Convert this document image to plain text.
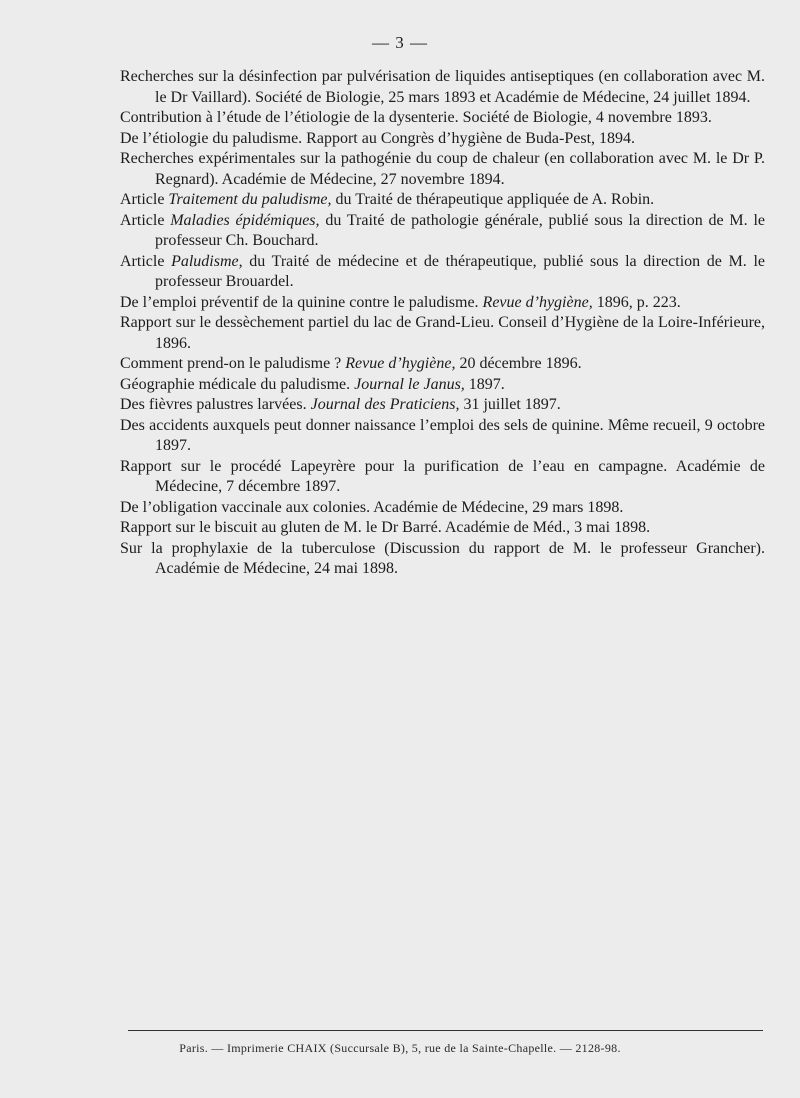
— 3 —
Recherches sur la désinfection par pulvérisation de liquides antiseptiques (en collaboration avec M. le Dr Vaillard). Société de Biologie, 25 mars 1893 et Académie de Médecine, 24 juillet 1894.
Contribution à l’étude de l’étiologie de la dysenterie. Société de Biologie, 4 novembre 1893.
De l’étiologie du paludisme. Rapport au Congrès d’hygiène de Buda-Pest, 1894.
Recherches expérimentales sur la pathogénie du coup de chaleur (en collaboration avec M. le Dr P. Regnard). Académie de Médecine, 27 novembre 1894.
Article Traitement du paludisme, du Traité de thérapeutique appliquée de A. Robin.
Article Maladies épidémiques, du Traité de pathologie générale, publié sous la direction de M. le professeur Ch. Bouchard.
Article Paludisme, du Traité de médecine et de thérapeutique, publié sous la direction de M. le professeur Brouardel.
De l’emploi préventif de la quinine contre le paludisme. Revue d’hygiène, 1896, p. 223.
Rapport sur le dessèchement partiel du lac de Grand-Lieu. Conseil d’Hygiène de la Loire-Inférieure, 1896.
Comment prend-on le paludisme ? Revue d’hygiène, 20 décembre 1896.
Géographie médicale du paludisme. Journal le Janus, 1897.
Des fièvres palustres larvées. Journal des Praticiens, 31 juillet 1897.
Des accidents auxquels peut donner naissance l’emploi des sels de quinine. Même recueil, 9 octobre 1897.
Rapport sur le procédé Lapeyrère pour la purification de l’eau en campagne. Académie de Médecine, 7 décembre 1897.
De l’obligation vaccinale aux colonies. Académie de Médecine, 29 mars 1898.
Rapport sur le biscuit au gluten de M. le Dr Barré. Académie de Méd., 3 mai 1898.
Sur la prophylaxie de la tuberculose (Discussion du rapport de M. le professeur Grancher). Académie de Médecine, 24 mai 1898.
Paris. — Imprimerie CHAIX (Succursale B), 5, rue de la Sainte-Chapelle. — 2128-98.
